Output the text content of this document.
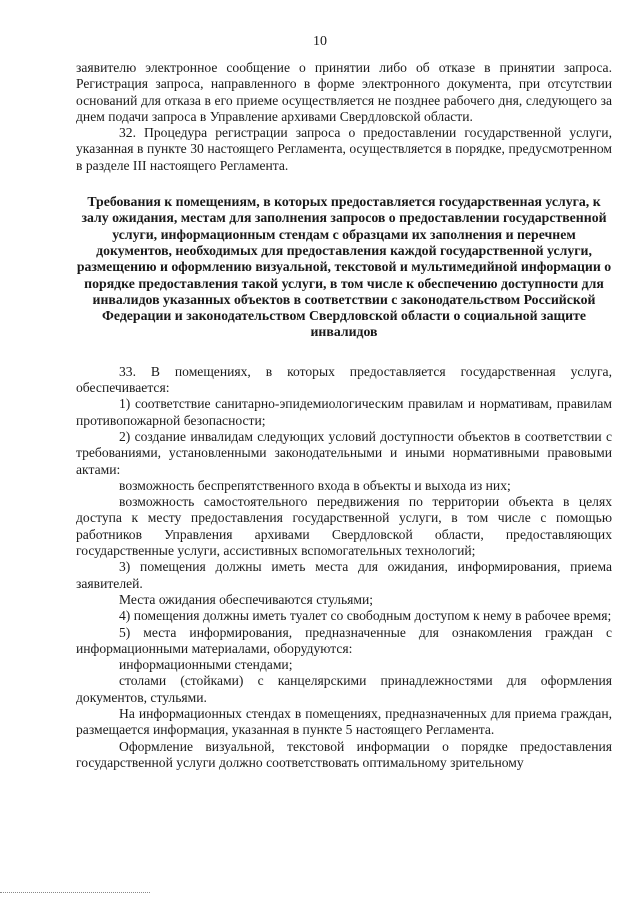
10

заявителю электронное сообщение о принятии либо об отказе в принятии запроса. Регистрация запроса, направленного в форме электронного документа, при отсутствии оснований для отказа в его приеме осуществляется не позднее рабочего дня, следующего за днем подачи запроса в Управление архивами Свердловской области.

32. Процедура регистрации запроса о предоставлении государственной услуги, указанная в пункте 30 настоящего Регламента, осуществляется в порядке, предусмотренном в разделе III настоящего Регламента.

Требования к помещениям, в которых предоставляется государственная услуга, к залу ожидания, местам для заполнения запросов о предоставлении государственной услуги, информационным стендам с образцами их заполнения и перечнем документов, необходимых для предоставления каждой государственной услуги, размещению и оформлению визуальной, текстовой и мультимедийной информации о порядке предоставления такой услуги, в том числе к обеспечению доступности для инвалидов указанных объектов в соответствии с законодательством Российской Федерации и законодательством Свердловской области о социальной защите инвалидов

33. В помещениях, в которых предоставляется государственная услуга, обеспечивается:

1) соответствие санитарно-эпидемиологическим правилам и нормативам, правилам противопожарной безопасности;

2) создание инвалидам следующих условий доступности объектов в соответствии с требованиями, установленными законодательными и иными нормативными правовыми актами:

возможность беспрепятственного входа в объекты и выхода из них;

возможность самостоятельного передвижения по территории объекта в целях доступа к месту предоставления государственной услуги, в том числе с помощью работников Управления архивами Свердловской области, предоставляющих государственные услуги, ассистивных вспомогательных технологий;

3) помещения должны иметь места для ожидания, информирования, приема заявителей.

Места ожидания обеспечиваются стульями;

4) помещения должны иметь туалет со свободным доступом к нему в рабочее время;

5) места информирования, предназначенные для ознакомления граждан с информационными материалами, оборудуются:

информационными стендами;

столами (стойками) с канцелярскими принадлежностями для оформления документов, стульями.

На информационных стендах в помещениях, предназначенных для приема граждан, размещается информация, указанная в пункте 5 настоящего Регламента.

Оформление визуальной, текстовой информации о порядке предоставления государственной услуги должно соответствовать оптимальному зрительному
